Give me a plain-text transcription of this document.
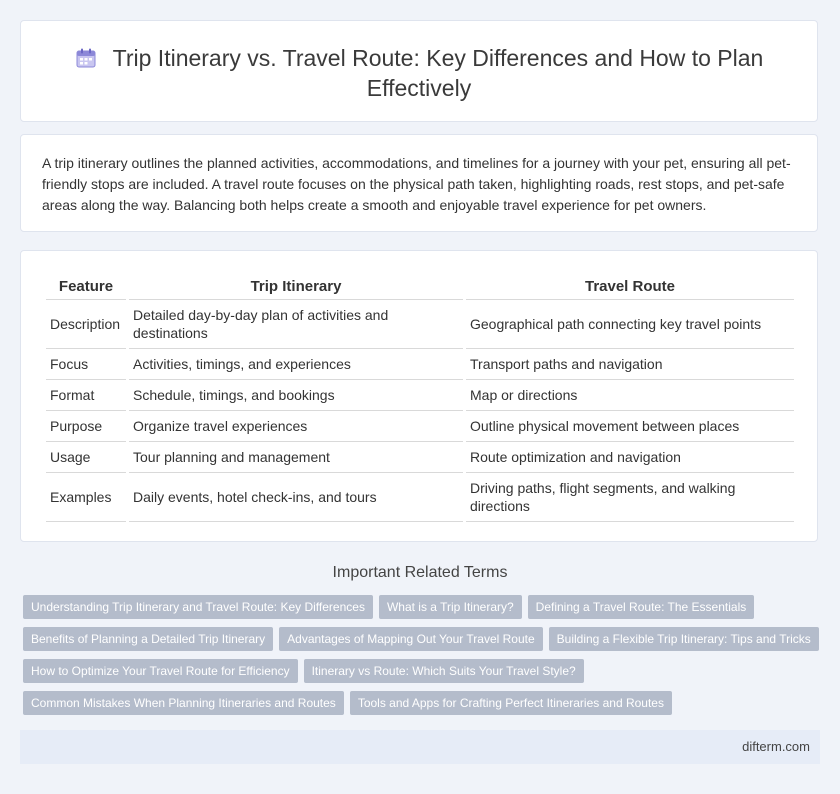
Trip Itinerary vs. Travel Route: Key Differences and How to Plan Effectively

A trip itinerary outlines the planned activities, accommodations, and timelines for a journey with your pet, ensuring all pet-friendly stops are included. A travel route focuses on the physical path taken, highlighting roads, rest stops, and pet-safe areas along the way. Balancing both helps create a smooth and enjoyable travel experience for pet owners.

Feature	Trip Itinerary	Travel Route
Description	Detailed day-by-day plan of activities and destinations	Geographical path connecting key travel points
Focus	Activities, timings, and experiences	Transport paths and navigation
Format	Schedule, timings, and bookings	Map or directions
Purpose	Organize travel experiences	Outline physical movement between places
Usage	Tour planning and management	Route optimization and navigation
Examples	Daily events, hotel check-ins, and tours	Driving paths, flight segments, and walking directions
Important Related Terms
Understanding Trip Itinerary and Travel Route: Key Differences What is a Trip Itinerary? Defining a Travel Route: The Essentials
Benefits of Planning a Detailed Trip Itinerary Advantages of Mapping Out Your Travel Route Building a Flexible Trip Itinerary: Tips and Tricks
How to Optimize Your Travel Route for Efficiency Itinerary vs Route: Which Suits Your Travel Style?
Common Mistakes When Planning Itineraries and Routes Tools and Apps for Crafting Perfect Itineraries and Routes
difterm.com
